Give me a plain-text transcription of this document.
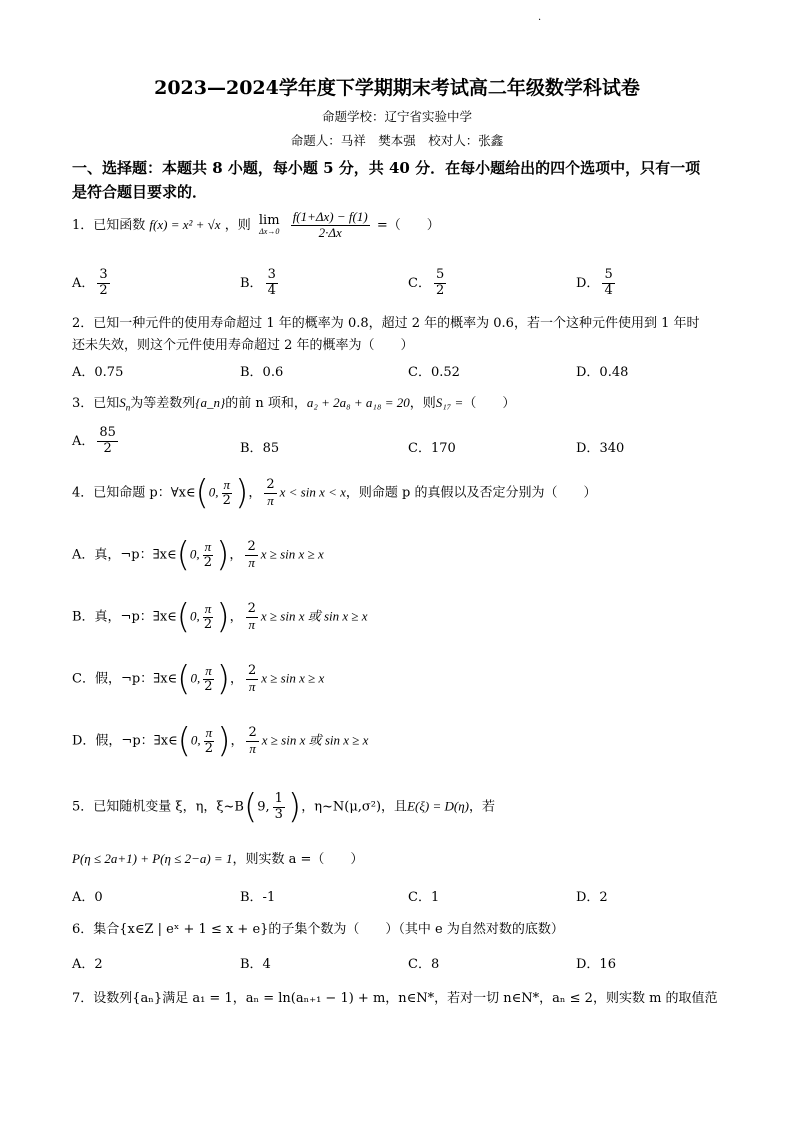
.
2023—2024学年度下学期期末考试高二年级数学科试卷
命题学校：辽宁省实验中学
命题人：马祥　樊本强　校对人：张鑫
一、选择题：本题共 8 小题，每小题 5 分，共 40 分．在每小题给出的四个选项中，只有一项
是符合题目要求的．
1．已知函数 f(x) = x² + √x ，则 lim
Δx→0
$\frac{f(1+\Delta x) - f(1)}{2\cdot\Delta x}$ =（　　）
A． $\frac{3}{2}$	B． $\frac{3}{4}$	C． $\frac{5}{2}$	D． $\frac{5}{4}$
2．已知一种元件的使用寿命超过 1 年的概率为 0.8，超过 2 年的概率为 0.6，若一个这种元件使用到 1 年时
还未失效，则这个元件使用寿命超过 2 年的概率为（　　）
A．0.75	B．0.6	C．0.52	D．0.48
3．已知$S_n$为等差数列{a_n}的前 n 项和，a₂ + 2a₈ + a₁₈ = 20，则S₁₇ =（　　）
A． $\frac{85}{2}$	B．85	C．170	D．340
4．已知命题 p：∀x∈(0, $\frac{\pi}{2}$ )， $\frac{2}{\pi}$ x < sin x < x，则命题 p 的真假以及否定分别为（　　）
A．真，¬p：∃x∈(0, $\frac{\pi}{2}$ )， $\frac{2}{\pi}$ x ≥ sin x ≥ x
B．真，¬p：∃x∈(0, $\frac{\pi}{2}$ )， $\frac{2}{\pi}$ x ≥ sin x 或 sin x ≥ x
C．假，¬p：∃x∈(0, $\frac{\pi}{2}$ )， $\frac{2}{\pi}$ x ≥ sin x ≥ x
D．假，¬p：∃x∈(0, $\frac{\pi}{2}$ )， $\frac{2}{\pi}$ x ≥ sin x 或 sin x ≥ x
5．已知随机变量 ξ，η，ξ~B(9, $\frac{1}{3}$ )，η~N(μ,σ²)，且E(ξ) = D(η)，若
P(η ≤ 2a+1) + P(η ≤ 2−a) = 1，则实数 a =（　　）
A．0	B．-1	C．1	D．2
6．集合{x∈Z | eˣ + 1 ≤ x + e}的子集个数为（　　）（其中 e 为自然对数的底数）
A．2	B．4	C．8	D．16
7．设数列{aₙ}满足 a₁ = 1，aₙ = ln(aₙ₊₁ − 1) + m，n∈N*，若对一切 n∈N*，aₙ ≤ 2，则实数 m 的取值范
